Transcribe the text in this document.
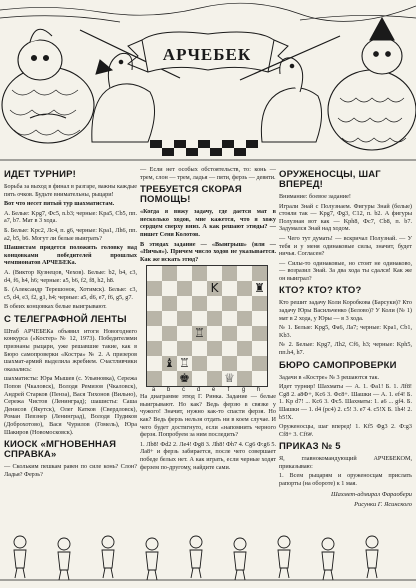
АРЧЕБЕК
ИДЕТ ТУРНИР!

Борьба за выход в финал в разгаре, важны каждые пять очков. Будьте внимательны, рыцари!

Вот что несет пятый тур шахматистам.

А. Белые: Kpg7, Фc5, n.b3; черные: Kpa5, Cb5, пп. a7, b7. Мат в 3 хода.

Б. Белые: Kpc2, Лc4, п. g6, черные: Kpa1, Лh6, пп. a2, b5, b6. Могут ли белые выиграть?

Шашистам придется положить головку над концовками победителей прошлых чемпионатов АРЧЕБЕКа.

А. (Виктор Кузнецов, Чехов). Белые: b2, b4, c3, d4, f6, h4, h6; черные: a5, b6, f2, f8, h2, h8.

Б. (Александр Терешонок, Хотимск). Белые: c3, c5, d4, e3, f2, g1, h4; черные: a5, d6, e7, f6, g5, g7.

В обеих концовках белые выигрывают.

С ТЕЛЕГРАФНОЙ ЛЕНТЫ

Штаб АРЧЕБЕКа объявил итоги Новогоднего конкурса («Костер» № 12, 1973). Победителями признаны рыцари, уже решавшие такие, как в Бюро самопроверки «Костра» № 2. А призеров шахмат-армий выделила жребием. Счастливчики оказались:

шахматисты: Юра Мышев (с. Ульяновка), Сережа Попов (Чкаловск), Володя Ремизов (Чкаловск), Андрей Старков (Пенза), Вася Тихонов (Вильно), Сережа Чистов (Ленинград); шашисты: Саша Денисов (Якутск), Олег Катков (Свердловск), Роман Певзнер (Ленинград), Володя Пудиков (Доброхотово), Вася Чурилов (Гомель), Юра Шакиров (Новомосковск).

КИОСК «МГНОВЕННАЯ СПРАВКА»

— Скольким пешкам равен по силе конь? Слон? Ладья? Ферзь?

— Если нет особых обстоятельств, то: конь — трем, слон — трем, ладья — пяти, ферзь — девяти.

ТРЕБУЕТСЯ СКОРАЯ ПОМОЩЬ!

«Когда я вижу задачу, где дается мат в несколько ходов, мне кажется, что я хожу сердцем сверху вниз. А как решают этюды? — пишет Сеня Колотов.

В этюдах задание — «Выигрыш» (или — «Ничья»). Причем число ходов не указывается. Как же искать этюд?

K	♜
♖
♝ ♖
♚	♕
a	b	c	d	e	f	g	h

На диаграмме этюд Г. Ринка. Задание — белые выигрывают. Но как? Ведь ферзю в связке у чужого! Значит, нужно как-то спасти ферзя. Но как? Ведь ферзь нельзя отдать ни в коем случае. И чего будет достигнуто, если «напомнить черного ферзя. Попробуем за ним последить?

1. Лb8! Фd2 2. Лe4! Фg8 3. Лh8! Фh7 4. Cg6 Ф:g6 5. Лa8+ и ферзь забирается, после чего совершает победе белых нет. А как играть, если черные ходят ферзем по-другому, найдите сами.

ОРУЖЕНОСЦЫ, ШАГ ВПЕРЕД!

Внимание: боевое задание!

Играли Знай с Полузнаем. Фигуры Знай (белые) стояли так — Kpg7, Фg3, C12, п. b2. А фигуры Полузная вот как — Kph8, Фc7, Cb8, п. b7. Задумался Знай над ходом.

— Чего тут думать! — вскричал Полузнай. — У тебя и у меня одинаковые силы, значит, будет ничья. Согласен?

— Силы-то одинаковые, но стоят не одинаково, — возразил Знай. За два хода ты сдался! Как же он выиграл?

КТО? КТО? КТО?

Кто решит задачу Коли Коробкова (Барсуки)? Кто задачу Юры Васильченко (Белово)? У Коли (№ 1) мат в 2 хода, у Юры — в 3 хода.

№ 1. Белые: Kpg5, Фa6, Лa7; черные: Kpa1, Cb1, Kb3.

№ 2. Белые: Kpg7, Лh2, Cf6, h3; черные: Kph5, пп.h4, h7.

БЮРО САМОПРОВЕРКИ

Задачи в «Костре» № 3 решаются так.

Идет турнир! Шахматы — А. 1. Фa1! Б. 1. Лf8! Cg8 2. a8Ф+, Kc6 3. Фc8+. Шашки — А. 1. ef4! Б. 1. Kp d7! ... Kc6 3. Фc5. Шахматы: 1. a6 ... gf4. Б. Шашки — 1. d4 (pc4) 2. c5! 3. e7 4. c5!X Б. 1h4! 2. b5!X.

Оруженосцы, шаг вперед! 1. Kf5 Фg3 2. Ф:g3 Cf8+ 3. Cf6#.

ПРИКАЗ № 5

Я, главнокомандующий АРЧЕБЕКОМ, приказываю:

1. Всем рыцарям и оруженосцам прислать рапорты (на обороте) к 1 мая.

Шахмет-адмирал Фараобери
Рисунки Г. Ясинского
